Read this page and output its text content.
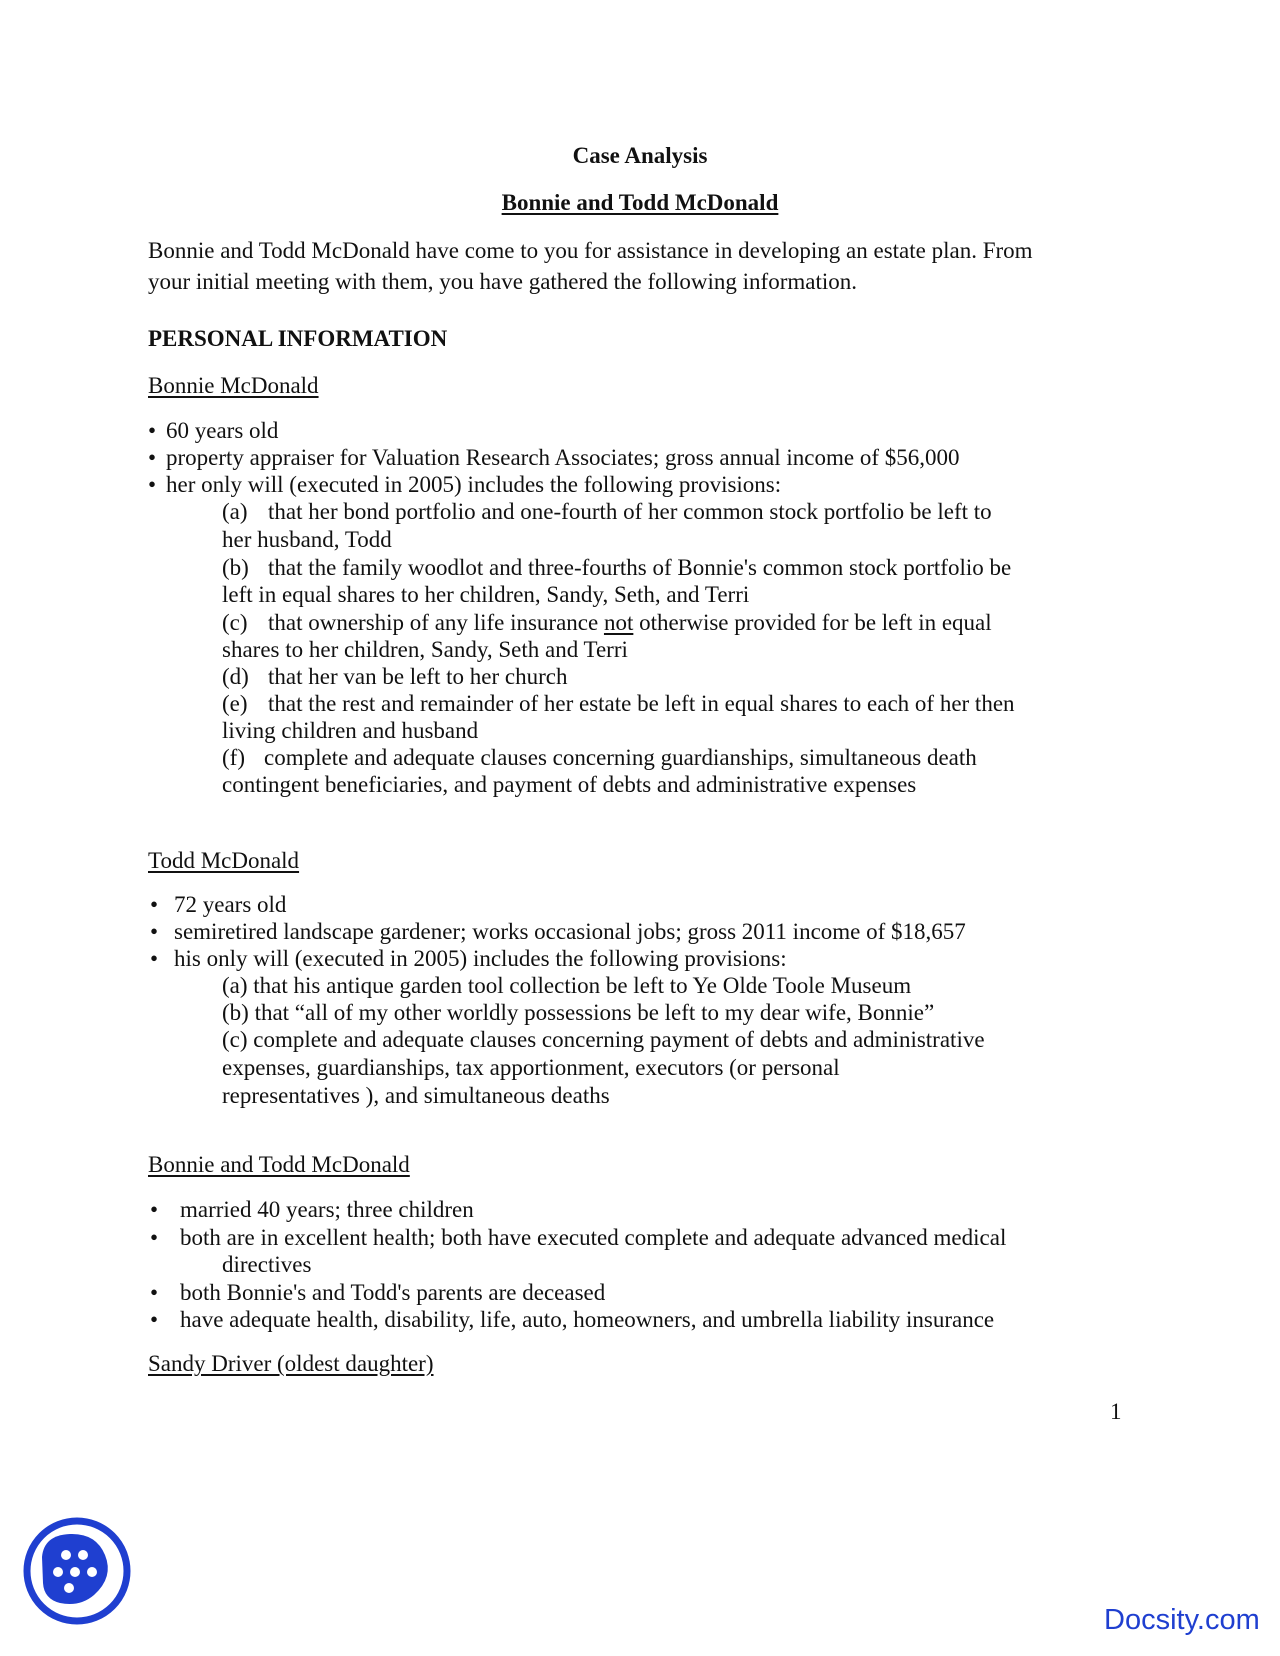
Case Analysis
Bonnie and Todd McDonald
Bonnie and Todd McDonald have come to you for assistance in developing an estate plan. From
your initial meeting with them, you have gathered the following information.
PERSONAL INFORMATION
Bonnie McDonald
• 60 years old
• property appraiser for Valuation Research Associates; gross annual income of $56,000
• her only will (executed in 2005) includes the following provisions:
(a) that her bond portfolio and one-fourth of her common stock portfolio be left to
her husband, Todd
(b) that the family woodlot and three-fourths of Bonnie's common stock portfolio be
left in equal shares to her children, Sandy, Seth, and Terri
(c) that ownership of any life insurance not otherwise provided for be left in equal
shares to her children, Sandy, Seth and Terri
(d) that her van be left to her church
(e) that the rest and remainder of her estate be left in equal shares to each of her then
living children and husband
(f) complete and adequate clauses concerning guardianships, simultaneous death
contingent beneficiaries, and payment of debts and administrative expenses
Todd McDonald
• 72 years old
• semiretired landscape gardener; works occasional jobs; gross 2011 income of $18,657
• his only will (executed in 2005) includes the following provisions:
(a) that his antique garden tool collection be left to Ye Olde Toole Museum
(b) that “all of my other worldly possessions be left to my dear wife, Bonnie”
(c) complete and adequate clauses concerning payment of debts and administrative
expenses, guardianships, tax apportionment, executors (or personal
representatives ), and simultaneous deaths
Bonnie and Todd McDonald
• married 40 years; three children
• both are in excellent health; both have executed complete and adequate advanced medical
directives
• both Bonnie's and Todd's parents are deceased
• have adequate health, disability, life, auto, homeowners, and umbrella liability insurance
Sandy Driver (oldest daughter)
1
Docsity.com
